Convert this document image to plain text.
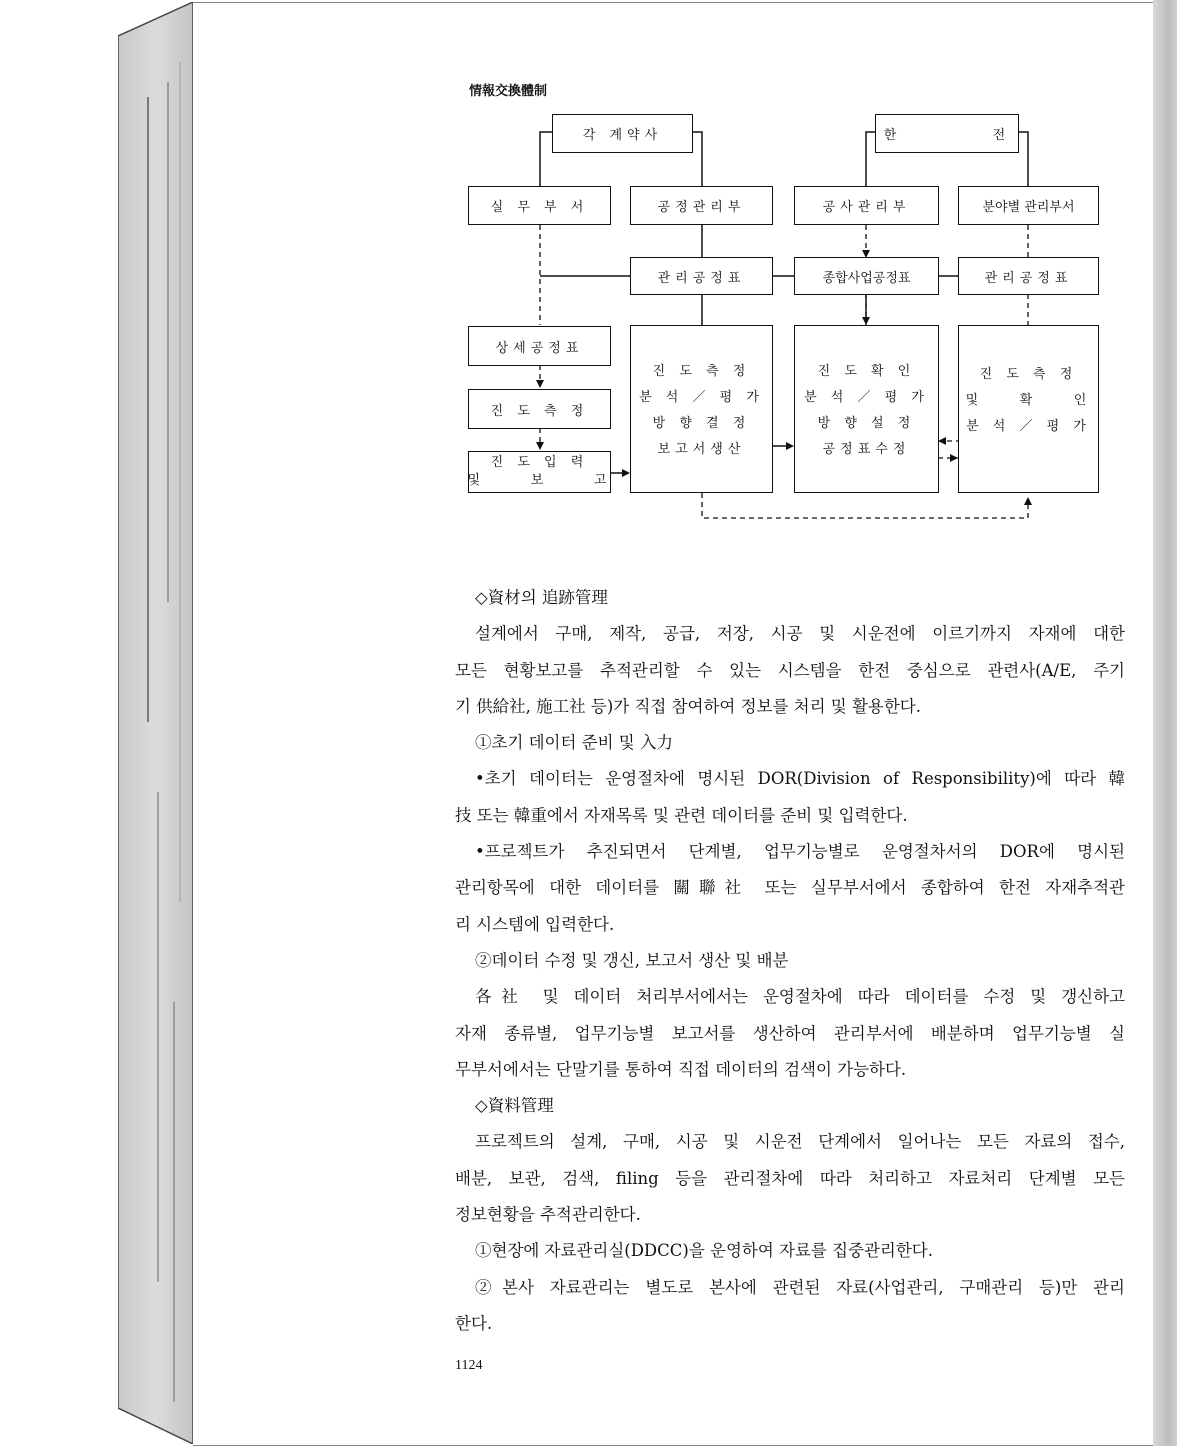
情報交換體制
각 계약사	한          전
실 무 부 서	공정관리부	공사관리부	분야별 관리부서
관리공정표	종합사업공정표	관리공정표
상세공정표
진 도 측 정
진 도 입 력
및     보     고
진 도 측 정
분 석 ／ 평 가
방 향 결 정
보고서생산
진 도 확 인
분 석 ／ 평 가
방 향 설 정
공정표수정
진 도 측 정
및    확    인
분 석 ／ 평 가
◇資材의 追跡管理
설계에서 구매, 제작, 공급, 저장, 시공 및 시운전에 이르기까지 자재에 대한
모든 현황보고를 추적관리할 수 있는 시스템을 한전 중심으로 관련사(A/E, 주기
기 供給社, 施工社 등)가 직접 참여하여 정보를 처리 및 활용한다.
①초기 데이터 준비 및 入力
•초기 데이터는 운영절차에 명시된 DOR(Division of Responsibility)에 따라 韓
技 또는 韓重에서 자재목록 및 관련 데이터를 준비 및 입력한다.
•프로젝트가 추진되면서 단계별, 업무기능별로 운영절차서의 DOR에 명시된
관리항목에 대한 데이터를 關聯社 또는 실무부서에서 종합하여 한전 자재추적관
리 시스템에 입력한다.
②데이터 수정 및 갱신, 보고서 생산 및 배분
各社 및 데이터 처리부서에서는 운영절차에 따라 데이터를 수정 및 갱신하고
자재 종류별, 업무기능별 보고서를 생산하여 관리부서에 배분하며 업무기능별 실
무부서에서는 단말기를 통하여 직접 데이터의 검색이 가능하다.
◇資料管理
프로젝트의 설계, 구매, 시공 및 시운전 단계에서 일어나는 모든 자료의 접수,
배분, 보관, 검색, filing 등을 관리절차에 따라 처리하고 자료처리 단계별 모든
정보현황을 추적관리한다.
①현장에 자료관리실(DDCC)을 운영하여 자료를 집중관리한다.
②본사 자료관리는 별도로 본사에 관련된 자료(사업관리, 구매관리 등)만 관리
한다.
1124
